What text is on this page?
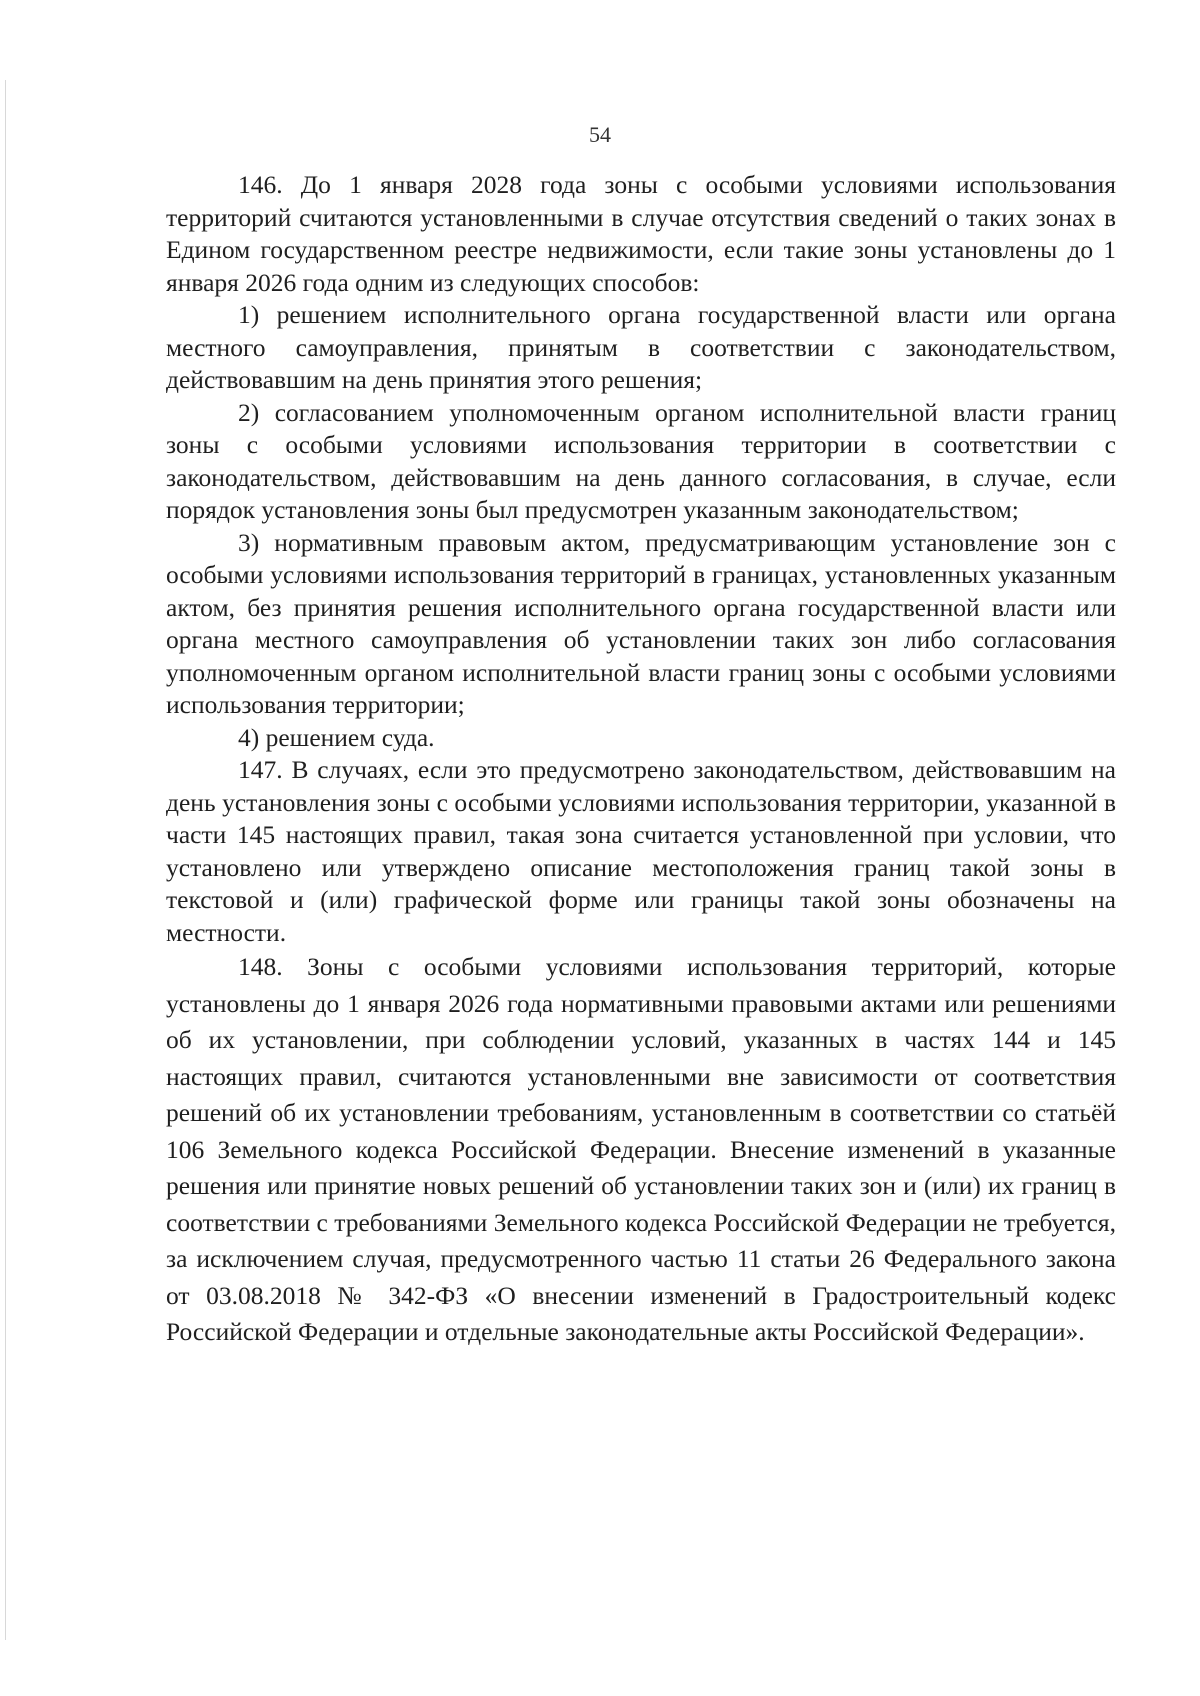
54

146. До 1 января 2028 года зоны с особыми условиями использования территорий считаются установленными в случае отсутствия сведений о таких зонах в Едином государственном реестре недвижимости, если такие зоны установлены до 1 января 2026 года одним из следующих способов:

1) решением исполнительного органа государственной власти или органа местного самоуправления, принятым в соответствии с законодательством, действовавшим на день принятия этого решения;

2) согласованием уполномоченным органом исполнительной власти границ зоны с особыми условиями использования территории в соответствии с законодательством, действовавшим на день данного согласования, в случае, если порядок установления зоны был предусмотрен указанным законодательством;

3) нормативным правовым актом, предусматривающим установление зон с особыми условиями использования территорий в границах, установленных указанным актом, без принятия решения исполнительного органа государственной власти или органа местного самоуправления об установлении таких зон либо согласования уполномоченным органом исполнительной власти границ зоны с особыми условиями использования территории;

4) решением суда.

147. В случаях, если это предусмотрено законодательством, действовавшим на день установления зоны с особыми условиями использования территории, указанной в части 145 настоящих правил, такая зона считается установленной при условии, что установлено или утверждено описание местоположения границ такой зоны в текстовой и (или) графической форме или границы такой зоны обозначены на местности.

148. Зоны с особыми условиями использования территорий, которые установлены до 1 января 2026 года нормативными правовыми актами или решениями об их установлении, при соблюдении условий, указанных в частях 144 и 145 настоящих правил, считаются установленными вне зависимости от соответствия решений об их установлении требованиям, установленным в соответствии со статьёй 106 Земельного кодекса Российской Федерации. Внесение изменений в указанные решения или принятие новых решений об установлении таких зон и (или) их границ в соответствии с требованиями Земельного кодекса Российской Федерации не требуется, за исключением случая, предусмотренного частью 11 статьи 26 Федерального закона от 03.08.2018 № 342-ФЗ «О внесении изменений в Градостроительный кодекс Российской Федерации и отдельные законодательные акты Российской Федерации».
